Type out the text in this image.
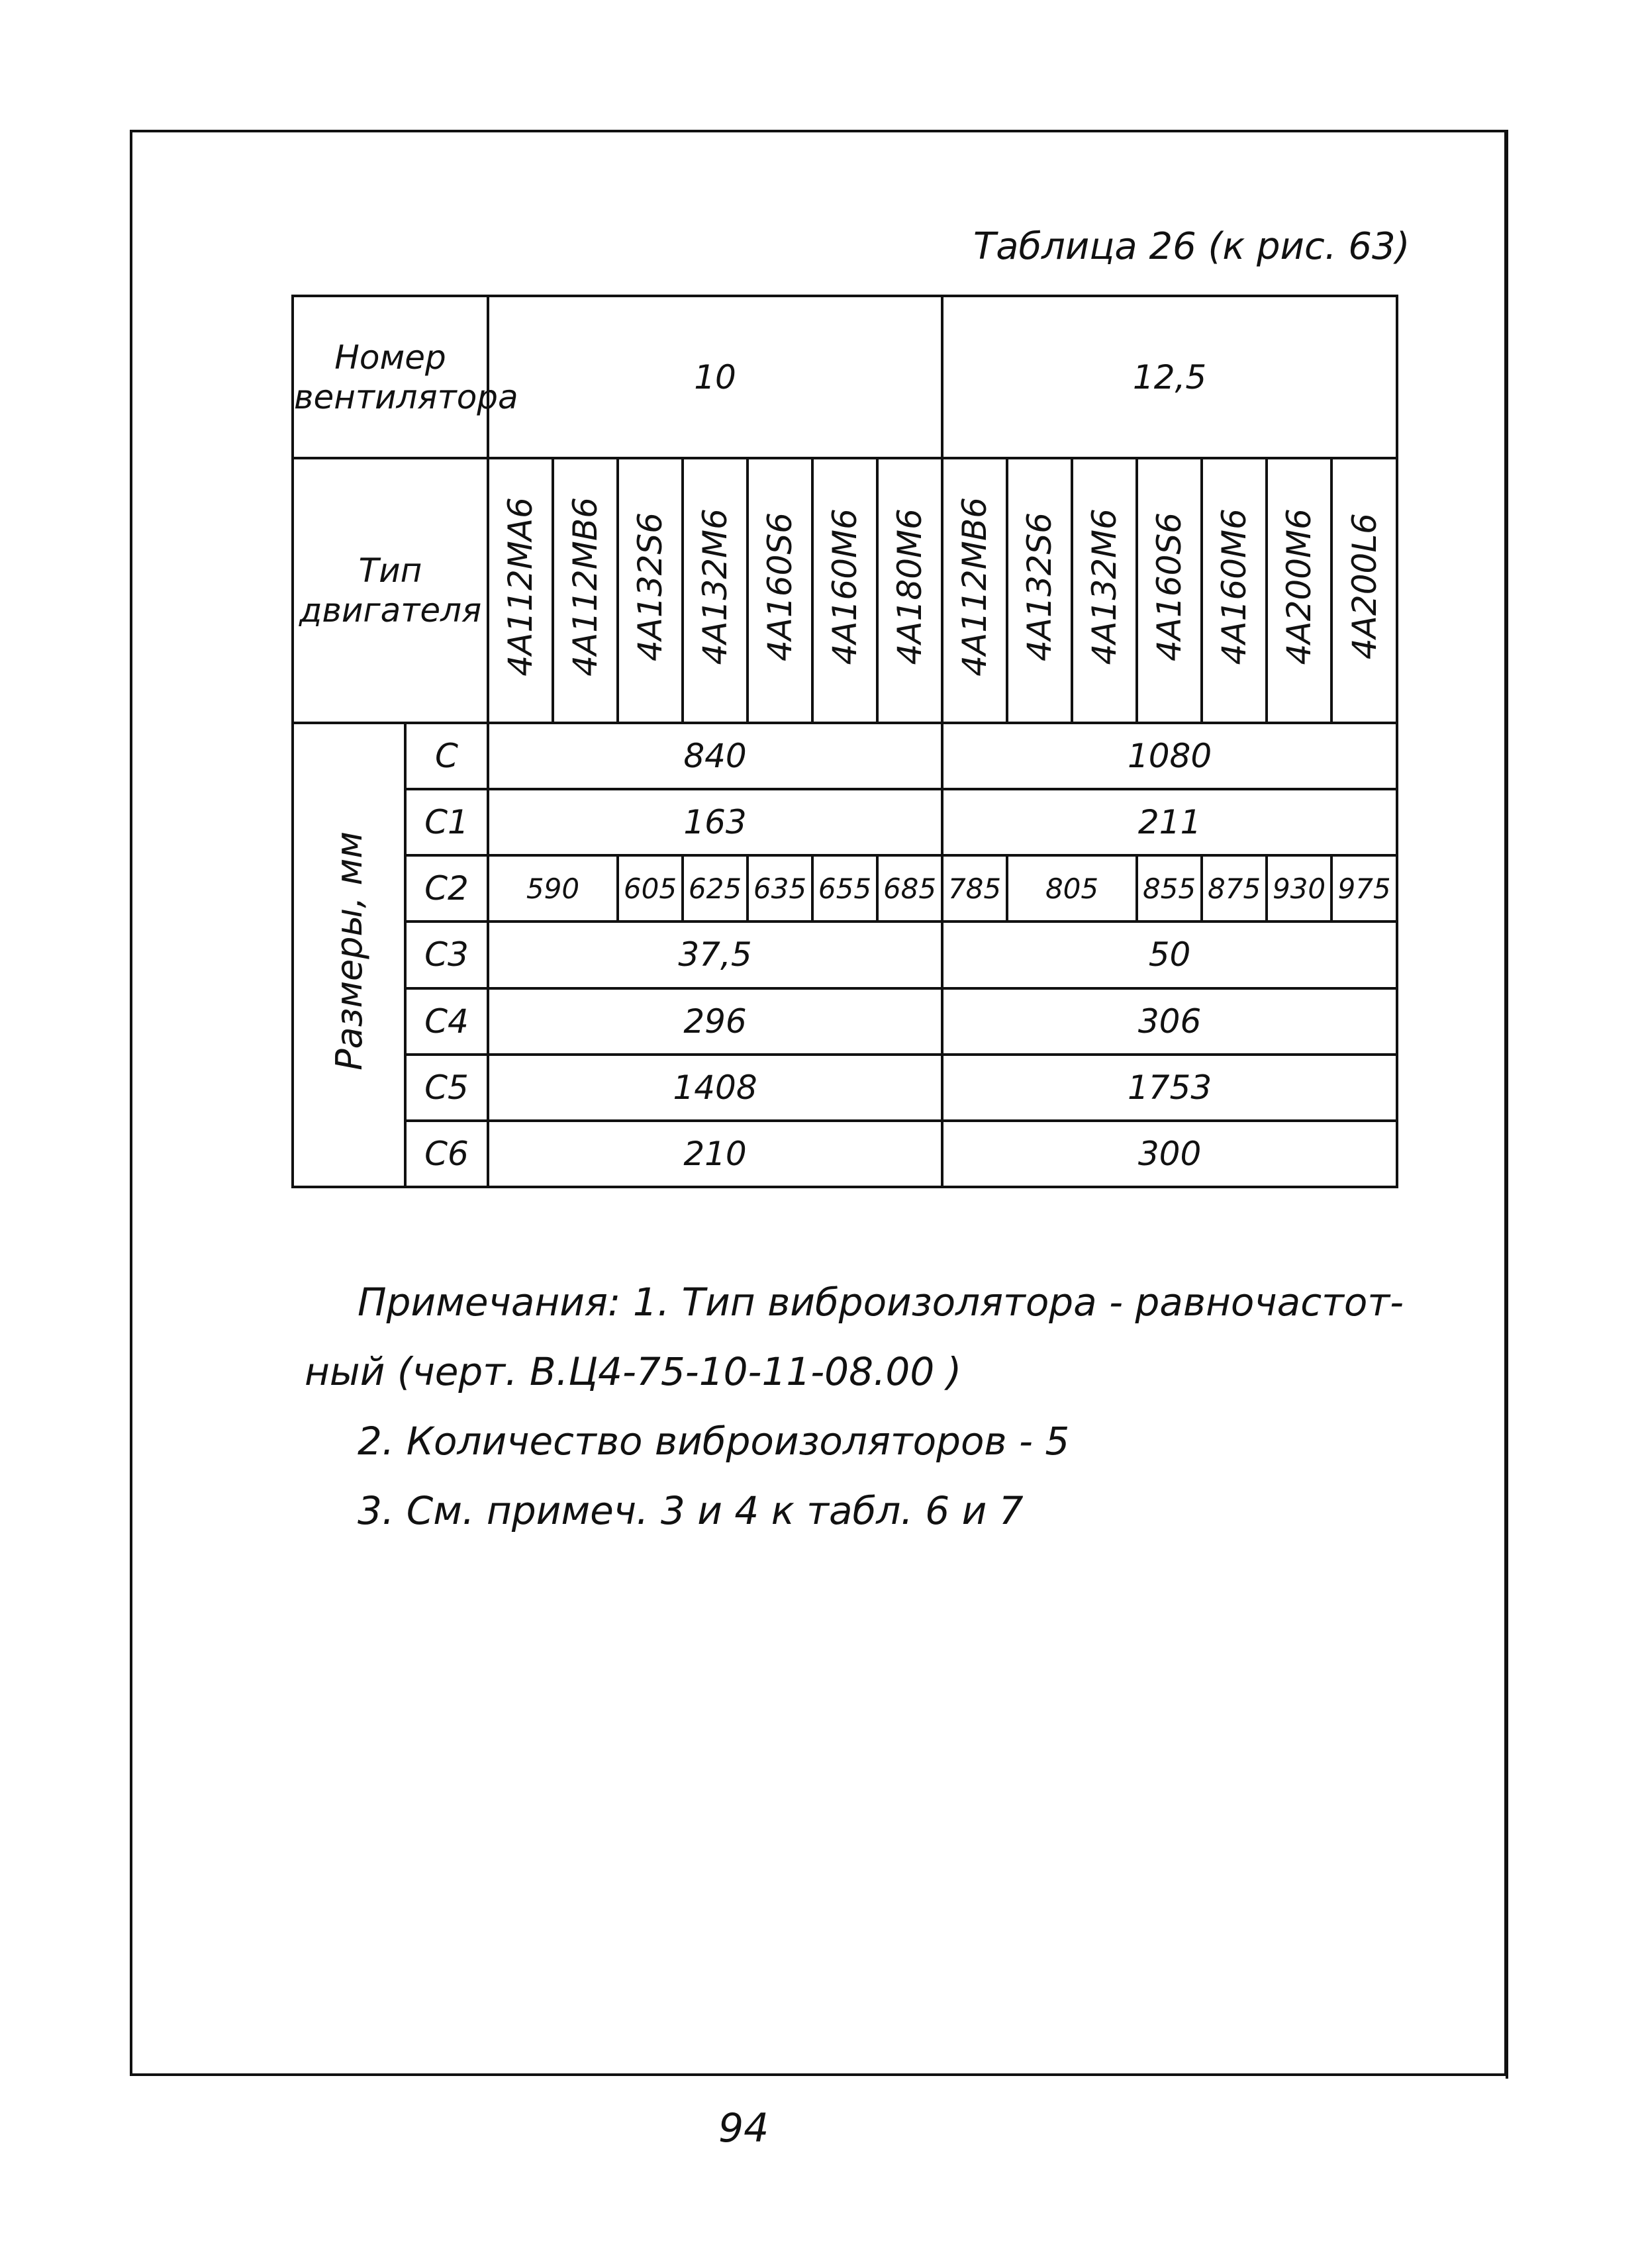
Таблица 26 (к рис. 63)
Номер вентилятора		10							12,5						
Тип двигателя		4A112MA6	4A112MB6	4A132S6	4A132M6	4A160S6	4A160M6	4A180M6	4A112MB6	4A132S6	4A132M6	4A160S6	4A160M6	4A200M6	4A200L6
Размеры, мм	C	840							1080						
	C1	163							211						
	C2	590		605	625	635	655	685	785	805		855	875	930	975
	C3	37,5							50						
	C4	296							306						
	C5	1408							1753						
	C6	210							300						
Примечания: 1. Тип виброизолятора - равночастот-
ный (черт. В.Ц4-75-10-11-08.00 )
2. Количество виброизоляторов - 5
3. См. примеч. 3 и 4 к табл. 6 и 7
94
